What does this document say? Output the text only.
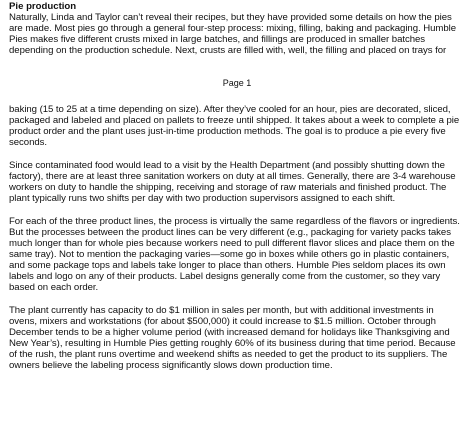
Pie production
Naturally, Linda and Taylor can’t reveal their recipes, but they have provided some details on how the pies
are made. Most pies go through a general four-step process: mixing, filling, baking and packaging. Humble
Pies makes five different crusts mixed in large batches, and fillings are produced in smaller batches
depending on the production schedule. Next, crusts are filled with, well, the filling and placed on trays for
Page 1
baking (15 to 25 at a time depending on size). After they’ve cooled for an hour, pies are decorated, sliced,
packaged and labeled and placed on pallets to freeze until shipped. It takes about a week to complete a pie
product order and the plant uses just-in-time production methods. The goal is to produce a pie every five
seconds.
Since contaminated food would lead to a visit by the Health Department (and possibly shutting down the
factory), there are at least three sanitation workers on duty at all times. Generally, there are 3-4 warehouse
workers on duty to handle the shipping, receiving and storage of raw materials and finished product. The
plant typically runs two shifts per day with two production supervisors assigned to each shift.
For each of the three product lines, the process is virtually the same regardless of the flavors or ingredients.
But the processes between the product lines can be very different (e.g., packaging for variety packs takes
much longer than for whole pies because workers need to pull different flavor slices and place them on the
same tray). Not to mention the packaging varies—some go in boxes while others go in plastic containers,
and some package tops and labels take longer to place than others. Humble Pies seldom places its own
labels and logo on any of their products. Label designs generally come from the customer, so they vary
based on each order.
The plant currently has capacity to do $1 million in sales per month, but with additional investments in
ovens, mixers and workstations (for about $500,000) it could increase to $1.5 million. October through
December tends to be a higher volume period (with increased demand for holidays like Thanksgiving and
New Year’s), resulting in Humble Pies getting roughly 60% of its business during that time period. Because
of the rush, the plant runs overtime and weekend shifts as needed to get the product to its suppliers. The
owners believe the labeling process significantly slows down production time.
